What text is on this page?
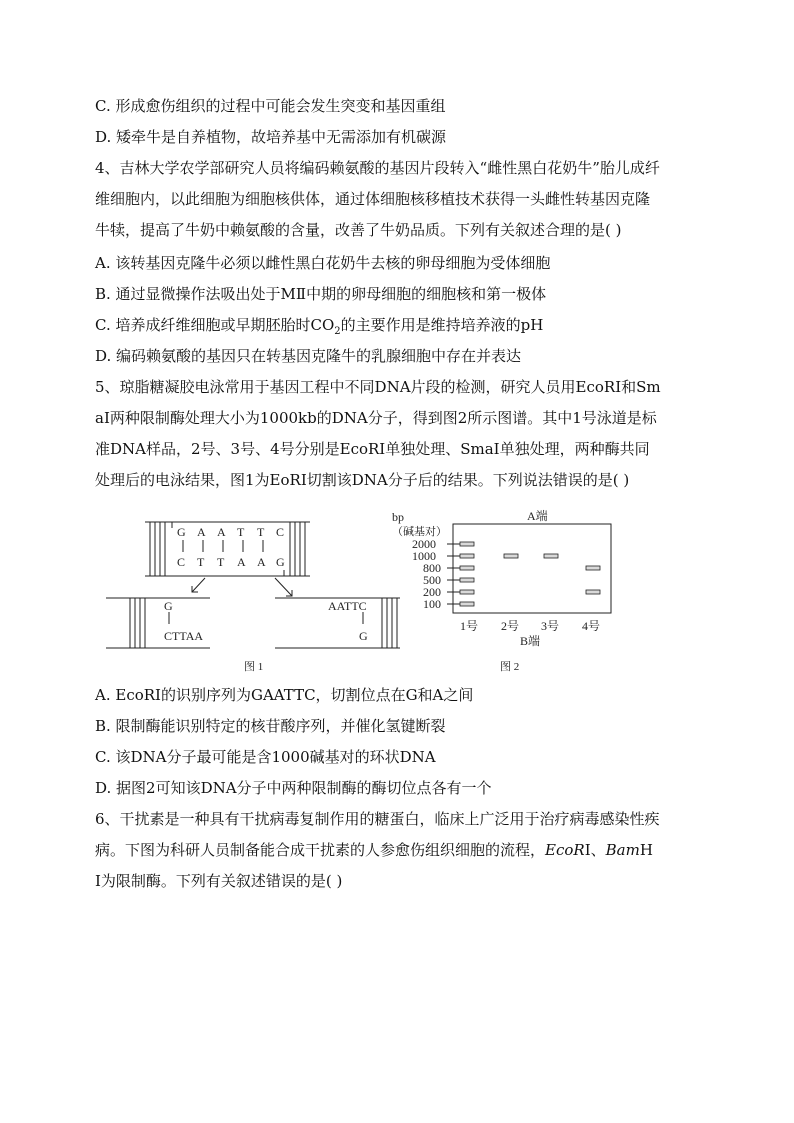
C. 形成愈伤组织的过程中可能会发生突变和基因重组
D. 矮牵牛是自养植物，故培养基中无需添加有机碳源
4、吉林大学农学部研究人员将编码赖氨酸的基因片段转入“雌性黑白花奶牛”胎儿成纤
维细胞内，以此细胞为细胞核供体，通过体细胞核移植技术获得一头雌性转基因克隆
牛犊，提高了牛奶中赖氨酸的含量，改善了牛奶品质。下列有关叙述合理的是( )
A. 该转基因克隆牛必须以雌性黑白花奶牛去核的卵母细胞为受体细胞
B. 通过显微操作法吸出处于MⅡ中期的卵母细胞的细胞核和第一极体
C. 培养成纤维细胞或早期胚胎时$CO_2$的主要作用是维持培养液的pH
D. 编码赖氨酸的基因只在转基因克隆牛的乳腺细胞中存在并表达
5、琼脂糖凝胶电泳常用于基因工程中不同DNA片段的检测，研究人员用EcoRⅠ和Sm
aⅠ两种限制酶处理大小为1000kb的DNA分子，得到图2所示图谱。其中1号泳道是标
准DNA样品，2号、3号、4号分别是EcoRⅠ单独处理、SmaⅠ单独处理，两种酶共同
处理后的电泳结果，图1为EoRⅠ切割该DNA分子后的结果。下列说法错误的是( )
G A A T T C
C T T A A G
G
CTTAA
AATTC
G
图 1
bp
（碱基对）
A端
2000
1000
800
500
200
100
1号 2号 3号 4号
B端
图 2
A. EcoRⅠ的识别序列为GAATTC，切割位点在G和A之间
B. 限制酶能识别特定的核苷酸序列，并催化氢键断裂
C. 该DNA分子最可能是含1000碱基对的环状DNA
D. 据图2可知该DNA分子中两种限制酶的酶切位点各有一个
6、干扰素是一种具有干扰病毒复制作用的糖蛋白，临床上广泛用于治疗病毒感染性疾
病。下图为科研人员制备能合成干扰素的人参愈伤组织细胞的流程，EcoRⅠ、BamH
Ⅰ为限制酶。下列有关叙述错误的是( )
